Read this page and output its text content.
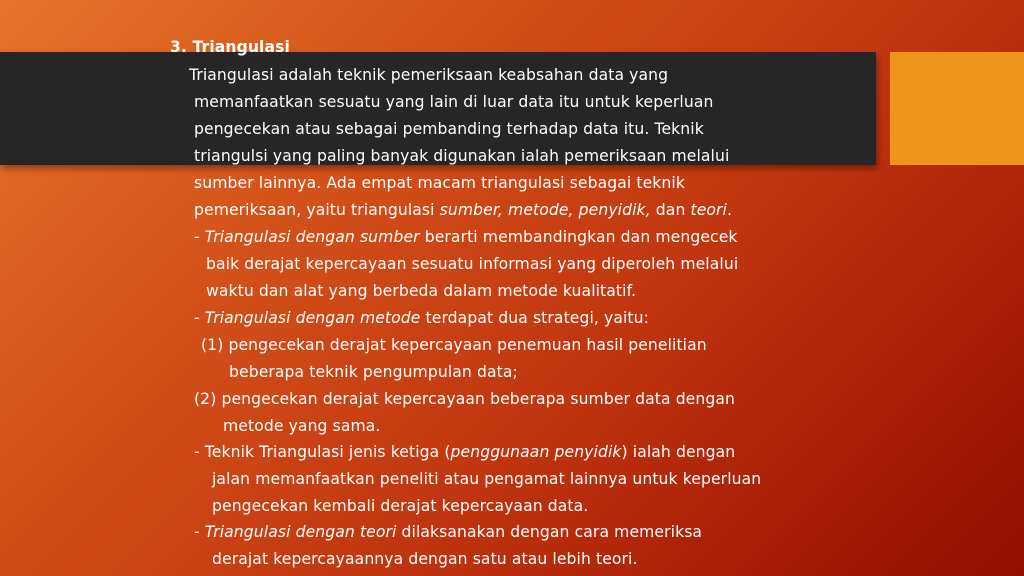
3. Triangulasi
Triangulasi adalah teknik pemeriksaan keabsahan data yang
memanfaatkan sesuatu yang lain di luar data itu untuk keperluan
pengecekan atau sebagai pembanding terhadap data itu. Teknik
triangulsi yang paling banyak digunakan ialah pemeriksaan melalui
sumber lainnya. Ada empat macam triangulasi sebagai teknik
pemeriksaan, yaitu triangulasi sumber, metode, penyidik, dan teori.
- Triangulasi dengan sumber berarti membandingkan dan mengecek
baik derajat kepercayaan sesuatu informasi yang diperoleh melalui
waktu dan alat yang berbeda dalam metode kualitatif.
- Triangulasi dengan metode terdapat dua strategi, yaitu:
(1) pengecekan derajat kepercayaan penemuan hasil penelitian
beberapa teknik pengumpulan data;
(2) pengecekan derajat kepercayaan beberapa sumber data dengan
metode yang sama.
- Teknik Triangulasi jenis ketiga (penggunaan penyidik) ialah dengan
jalan memanfaatkan peneliti atau pengamat lainnya untuk keperluan
pengecekan kembali derajat kepercayaan data.
- Triangulasi dengan teori dilaksanakan dengan cara memeriksa
derajat kepercayaannya dengan satu atau lebih teori.
